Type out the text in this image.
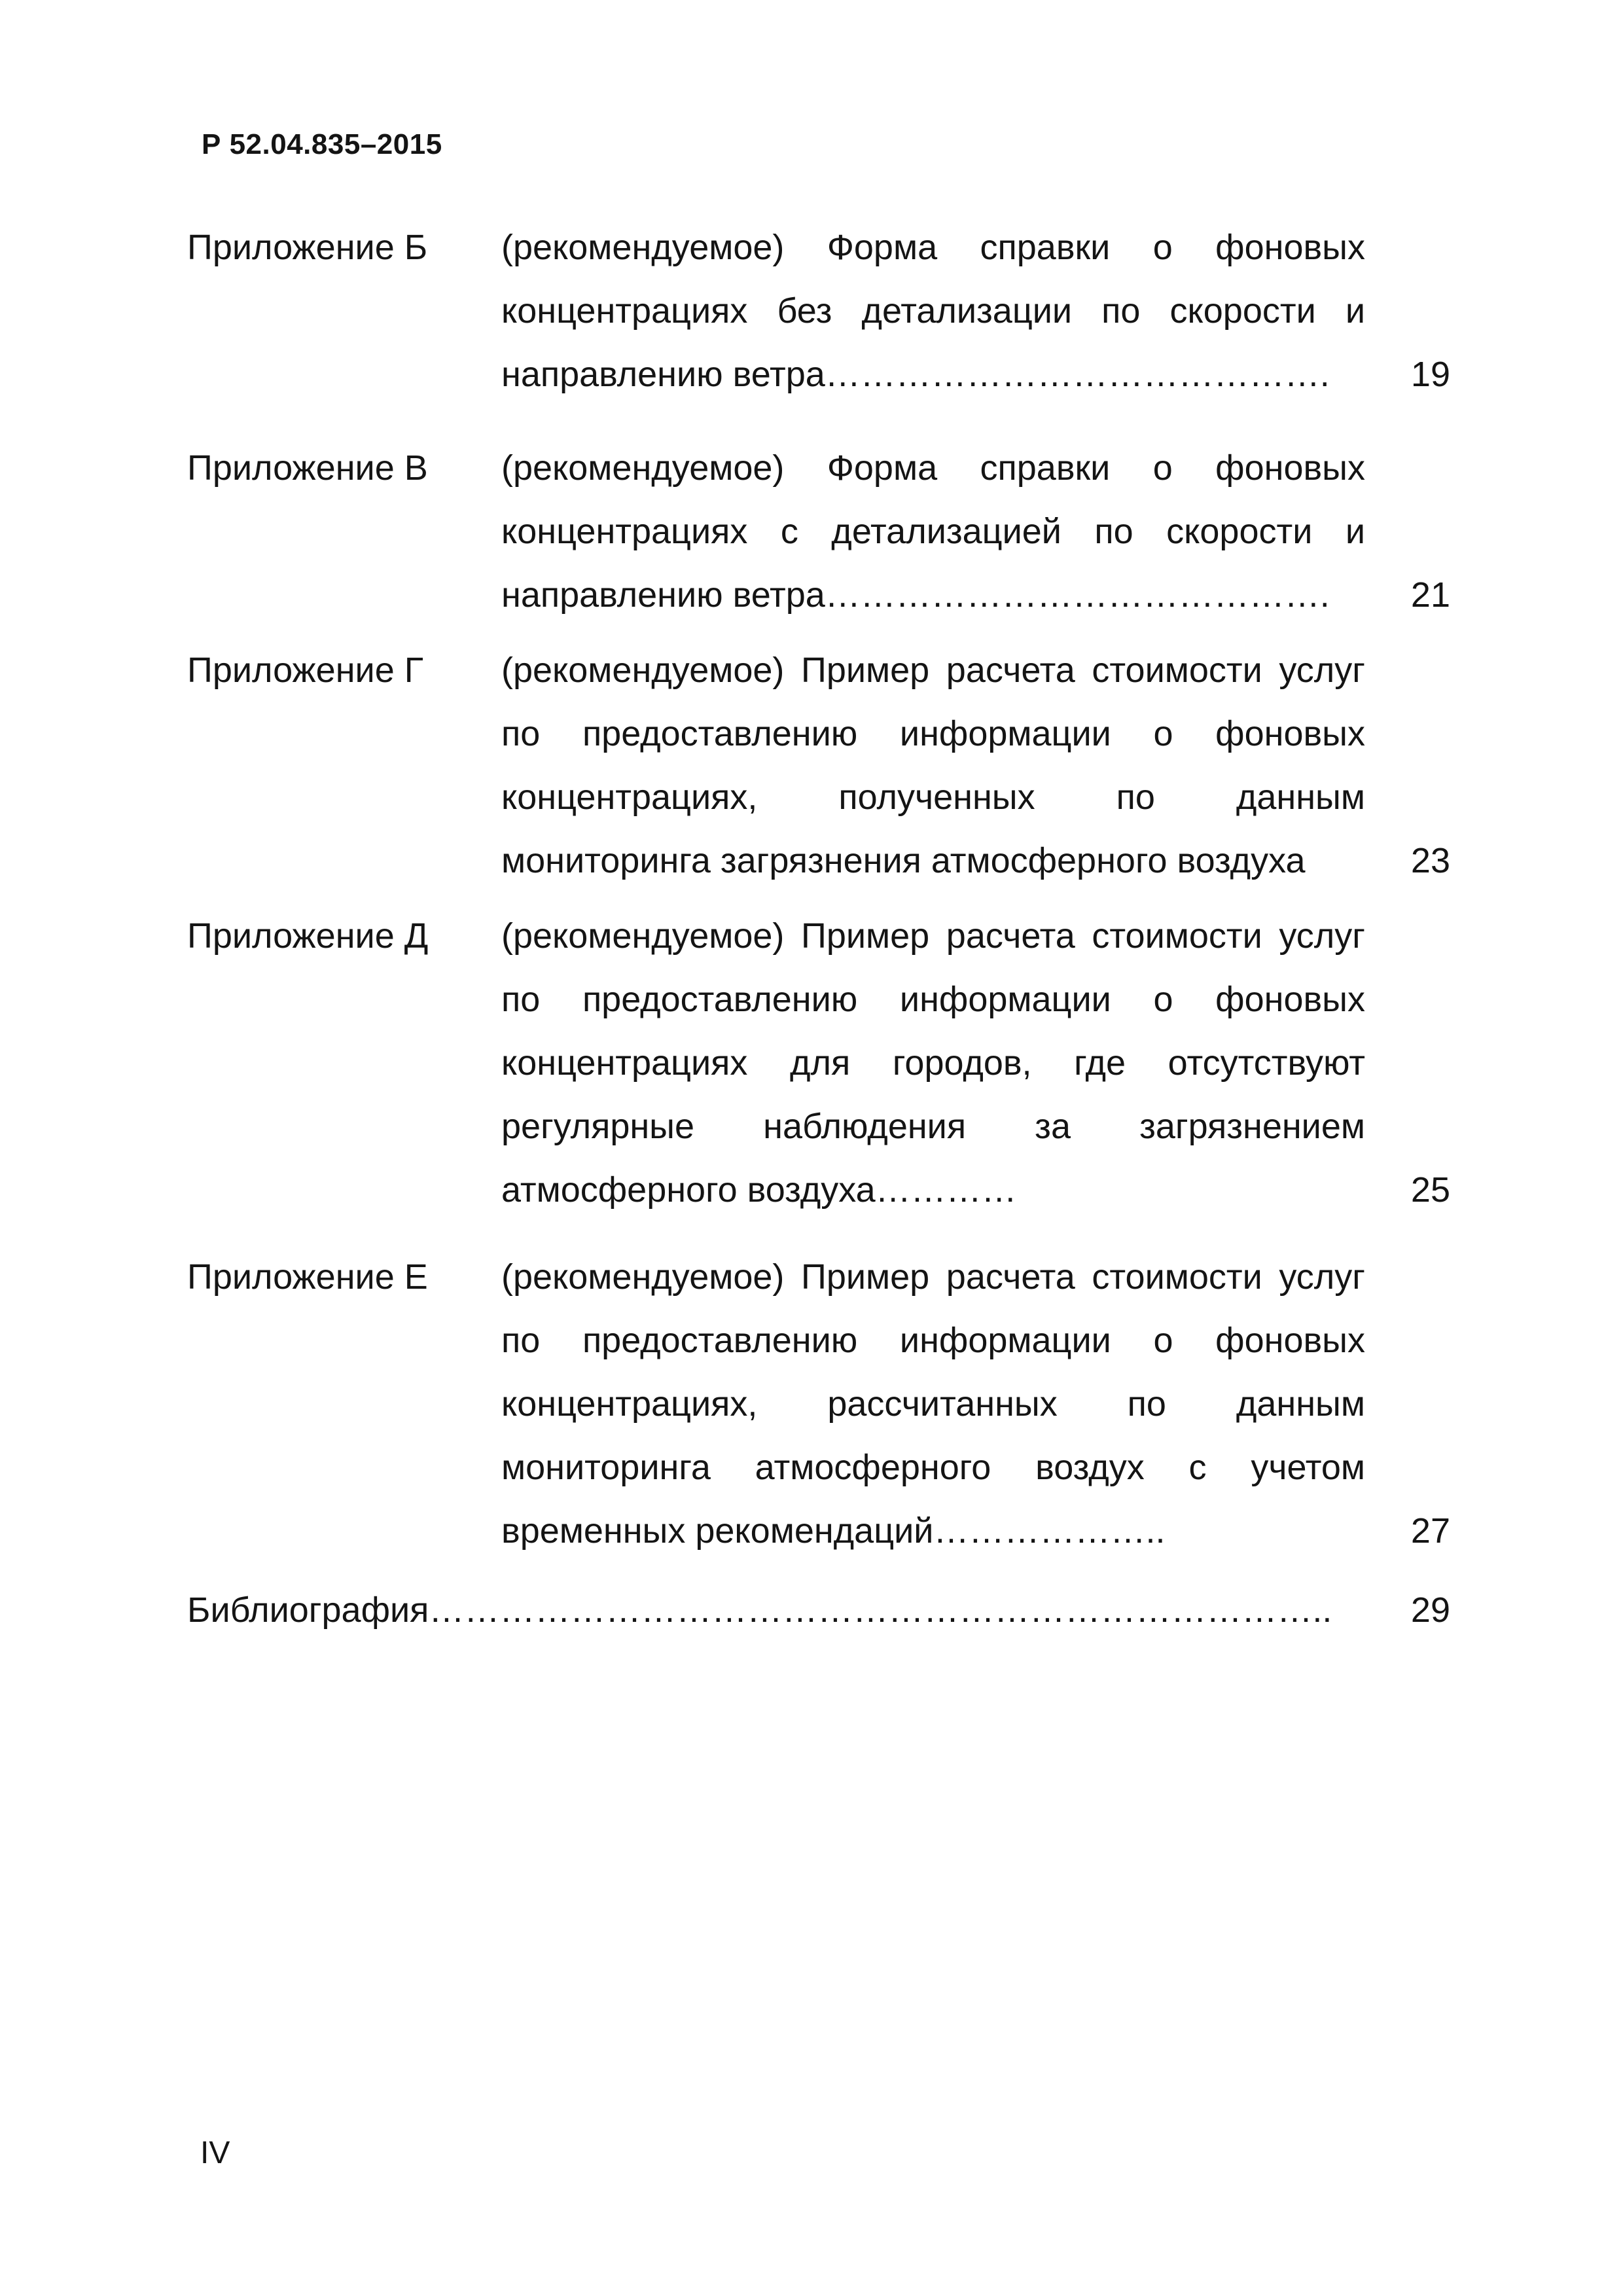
Р 52.04.835–2015
Приложение Б	(рекомендуемое) Форма справки о фоновых концентрациях без детализации по скорости и направлению ветра…………………………………….	19
Приложение В	(рекомендуемое) Форма справки о фоновых концентрациях с детализацией по скорости и направлению ветра…………………………………….	21
Приложение Г	(рекомендуемое) Пример расчета стоимости услуг по предоставлению информации о фоновых концентрациях, полученных по данным мониторинга загрязнения атмосферного воздуха	23
Приложение Д	(рекомендуемое) Пример расчета стоимости услуг по предоставлению информации о фоновых концентрациях для городов, где отсутствуют регулярные наблюдения за загрязнением атмосферного воздуха…………	25
Приложение Е	(рекомендуемое) Пример расчета стоимости услуг по предоставлению информации о фоновых концентрациях, рассчитанных по данным мониторинга атмосферного воздух с учетом временных рекомендаций………………..	27
Библиография…………………………………………………………………..	29
IV
